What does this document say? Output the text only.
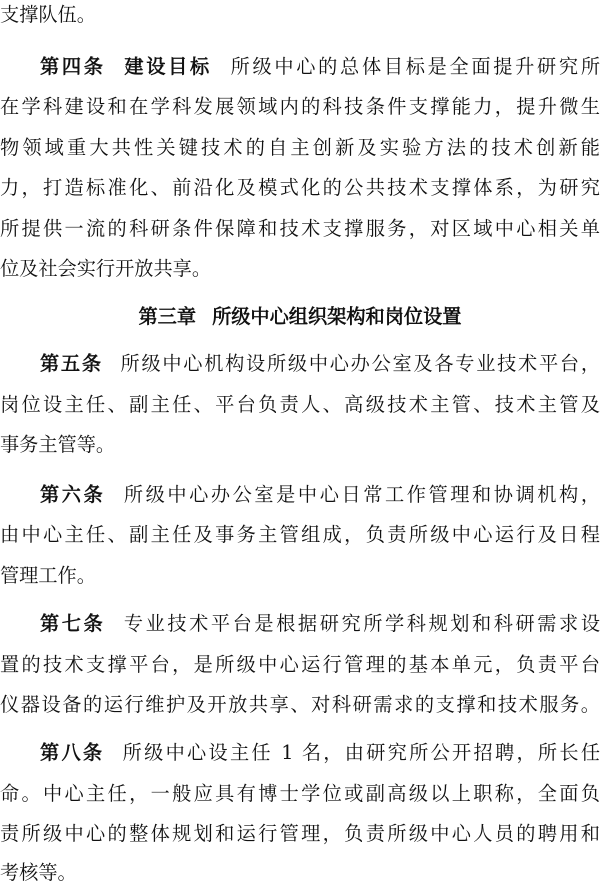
支撑队伍。
第四条 建设目标 所级中心的总体目标是全面提升研究所
在学科建设和在学科发展领域内的科技条件支撑能力，提升微生
物领域重大共性关键技术的自主创新及实验方法的技术创新能
力，打造标准化、前沿化及模式化的公共技术支撑体系，为研究
所提供一流的科研条件保障和技术支撑服务，对区域中心相关单
位及社会实行开放共享。
第三章 所级中心组织架构和岗位设置
第五条 所级中心机构设所级中心办公室及各专业技术平台，
岗位设主任、副主任、平台负责人、高级技术主管、技术主管及
事务主管等。
第六条 所级中心办公室是中心日常工作管理和协调机构，
由中心主任、副主任及事务主管组成，负责所级中心运行及日程
管理工作。
第七条 专业技术平台是根据研究所学科规划和科研需求设
置的技术支撑平台，是所级中心运行管理的基本单元，负责平台
仪器设备的运行维护及开放共享、对科研需求的支撑和技术服务。
第八条 所级中心设主任 1 名，由研究所公开招聘，所长任
命。中心主任，一般应具有博士学位或副高级以上职称，全面负
责所级中心的整体规划和运行管理，负责所级中心人员的聘用和
考核等。
